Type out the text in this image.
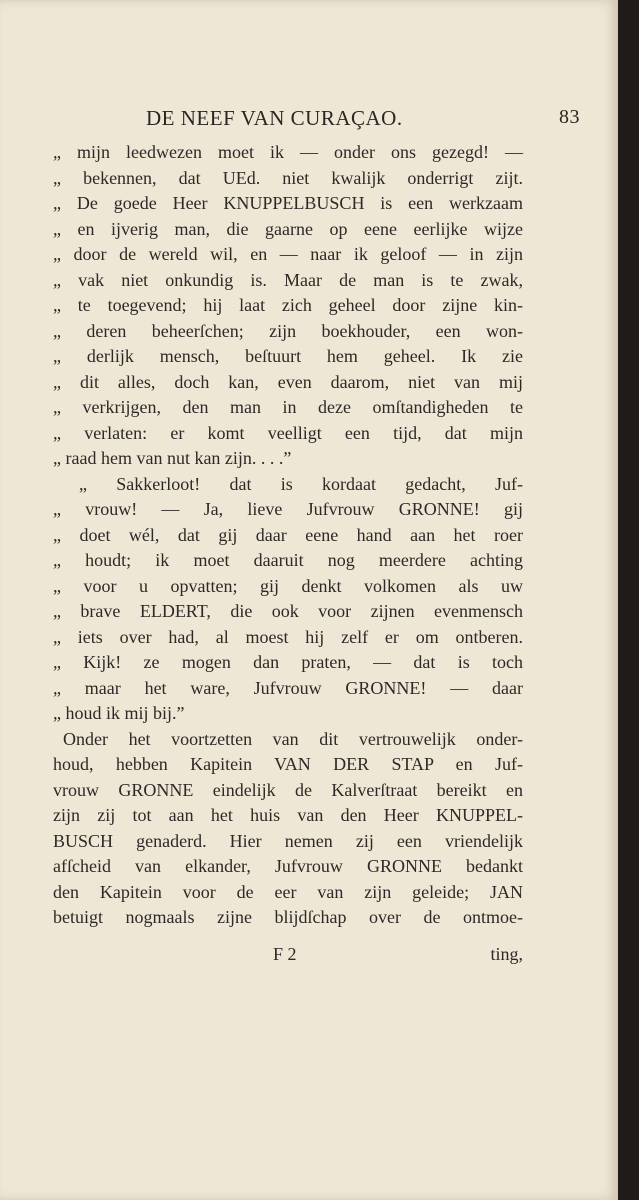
DE NEEF VAN CURAÇAO.	83
„ mijn leedwezen moet ik — onder ons gezegd! —
„ bekennen, dat UEd. niet kwalijk onderrigt zijt.
„ De goede Heer KNUPPELBUSCH is een werkzaam
„ en ijverig man, die gaarne op eene eerlijke wijze
„ door de wereld wil, en — naar ik geloof — in zijn
„ vak niet onkundig is. Maar de man is te zwak,
„ te toegevend; hij laat zich geheel door zijne kin-
„ deren beheerſchen; zijn boekhouder, een won-
„ derlijk mensch, beſtuurt hem geheel. Ik zie
„ dit alles, doch kan, even daarom, niet van mij
„ verkrijgen, den man in deze omſtandigheden te
„ verlaten: er komt veelligt een tijd, dat mijn
„ raad hem van nut kan zijn. . . .”
„ Sakkerloot! dat is kordaat gedacht, Juf-
„ vrouw! — Ja, lieve Jufvrouw GRONNE! gij
„ doet wél, dat gij daar eene hand aan het roer
„ houdt; ik moet daaruit nog meerdere achting
„ voor u opvatten; gij denkt volkomen als uw
„ brave ELDERT, die ook voor zijnen evenmensch
„ iets over had, al moest hij zelf er om ontberen.
„ Kijk! ze mogen dan praten, — dat is toch
„ maar het ware, Jufvrouw GRONNE! — daar
„ houd ik mij bij.”
Onder het voortzetten van dit vertrouwelijk onder-
houd, hebben Kapitein VAN DER STAP en Juf-
vrouw GRONNE eindelijk de Kalverſtraat bereikt en
zijn zij tot aan het huis van den Heer KNUPPEL-
BUSCH genaderd. Hier nemen zij een vriendelijk
afſcheid van elkander, Jufvrouw GRONNE bedankt
den Kapitein voor de eer van zijn geleide; JAN
betuigt nogmaals zijne blijdſchap over de ontmoe-
F 2	ting,
